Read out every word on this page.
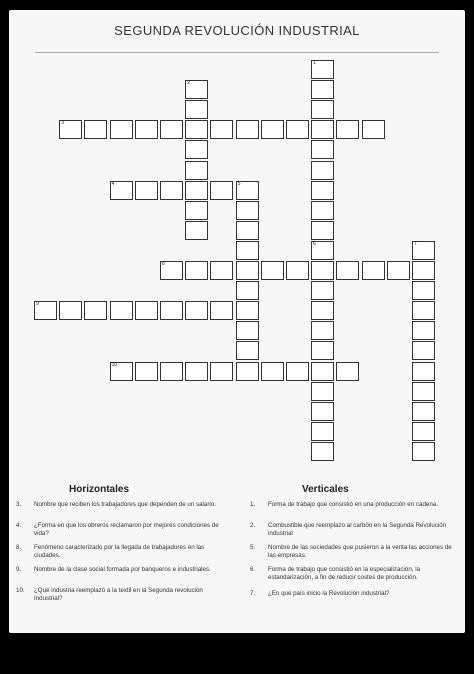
SEGUNDA REVOLUCIÓN INDUSTRIAL
1
2
3
4	5
6	7
8
9
10
Horizontales	Verticales
3.	Nombre que reciben los trabajadores que dependen de un salario.
4.	¿Forma en que los obreros reclamaron por mejores condiciones de vida?
8.	Fenómeno caracterizado por la llegada de trabajadores en las ciudades.
9.	Nombre de la clase social formada por banqueros e industriales.
10.	¿Qué industria reemplazó a la textil en la Segunda revolución Industrial?
1.	Forma de trabajo que consistió en una producción en cadena.
2.	Combustible que reemplazo al carbón en la Segunda Revolución industrial
5.	Nombre de las sociedades que pusieron a la venta las acciones de las empresas.
6.	Forma de trabajo que consistió en la especialización, la estandarización, a fin de reducir costes de producción.
7.	¿En qué país inicio la Revolución industrial?
